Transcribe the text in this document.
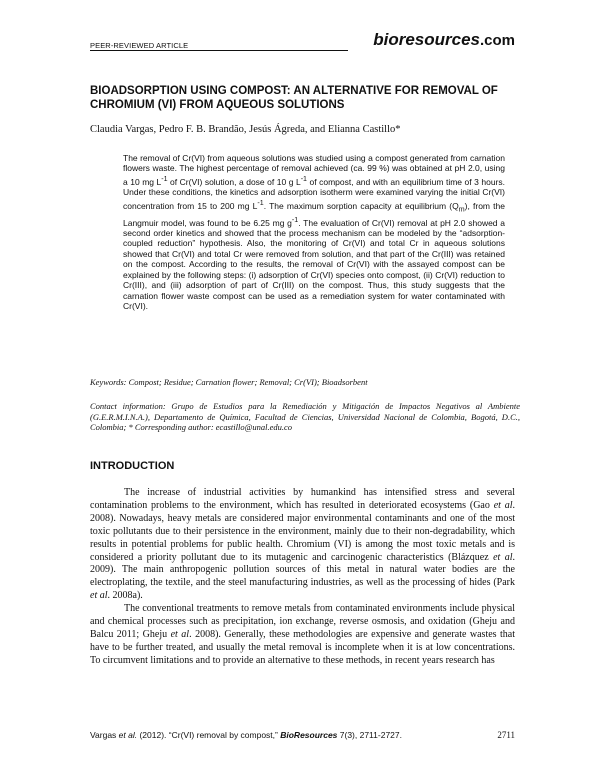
PEER-REVIEWED ARTICLE	bioresources.com
BIOADSORPTION USING COMPOST: AN ALTERNATIVE FOR REMOVAL OF CHROMIUM (VI) FROM AQUEOUS SOLUTIONS
Claudia Vargas, Pedro F. B. Brandão, Jesús Ágreda, and Elianna Castillo*
The removal of Cr(VI) from aqueous solutions was studied using a compost generated from carnation flowers waste. The highest percentage of removal achieved (ca. 99 %) was obtained at pH 2.0, using a 10 mg $L^{-1}$ of Cr(VI) solution, a dose of 10 g $L^{-1}$ of compost, and with an equilibrium time of 3 hours. Under these conditions, the kinetics and adsorption isotherm were examined varying the initial Cr(VI) concentration from 15 to 200 mg $L^{-1}$. The maximum sorption capacity at equilibrium $(Q_m)$, from the Langmuir model, was found to be 6.25 mg $g^{-1}$. The evaluation of Cr(VI) removal at pH 2.0 showed a second order kinetics and showed that the process mechanism can be modeled by the “adsorption-coupled reduction” hypothesis. Also, the monitoring of Cr(VI) and total Cr in aqueous solutions showed that Cr(VI) and total Cr were removed from solution, and that part of the Cr(III) was retained on the compost. According to the results, the removal of Cr(VI) with the assayed compost can be explained by the following steps: (i) adsorption of Cr(VI) species onto compost, (ii) Cr(VI) reduction to Cr(III), and (iii) adsorption of part of Cr(III) on the compost. Thus, this study suggests that the carnation flower waste compost can be used as a remediation system for water contaminated with Cr(VI).
Keywords: Compost; Residue; Carnation flower; Removal; Cr(VI); Bioadsorbent
Contact information: Grupo de Estudios para la Remediación y Mitigación de Impactos Negativos al Ambiente (G.E.R.M.I.N.A.), Departamento de Química, Facultad de Ciencias, Universidad Nacional de Colombia, Bogotá, D.C., Colombia; * Corresponding author: ecastillo@unal.edu.co
INTRODUCTION

The increase of industrial activities by humankind has intensified stress and several contamination problems to the environment, which has resulted in deteriorated ecosystems (Gao et al. 2008). Nowadays, heavy metals are considered major environmental contaminants and one of the most toxic pollutants due to their persistence in the environment, mainly due to their non-degradability, which results in potential problems for public health. Chromium (VI) is among the most toxic metals and is considered a priority pollutant due to its mutagenic and carcinogenic characteristics (Blázquez et al. 2009). The main anthropogenic pollution sources of this metal in natural water bodies are the electroplating, the textile, and the steel manufacturing industries, as well as the processing of hides (Park et al. 2008a).

The conventional treatments to remove metals from contaminated environments include physical and chemical processes such as precipitation, ion exchange, reverse osmosis, and oxidation (Gheju and Balcu 2011; Gheju et al. 2008). Generally, these methodologies are expensive and generate wastes that have to be further treated, and usually the metal removal is incomplete when it is at low concentrations. To circumvent limitations and to provide an alternative to these methods, in recent years research has

Vargas et al. (2012). “Cr(VI) removal by compost,” BioResources 7(3), 2711-2727.	2711
